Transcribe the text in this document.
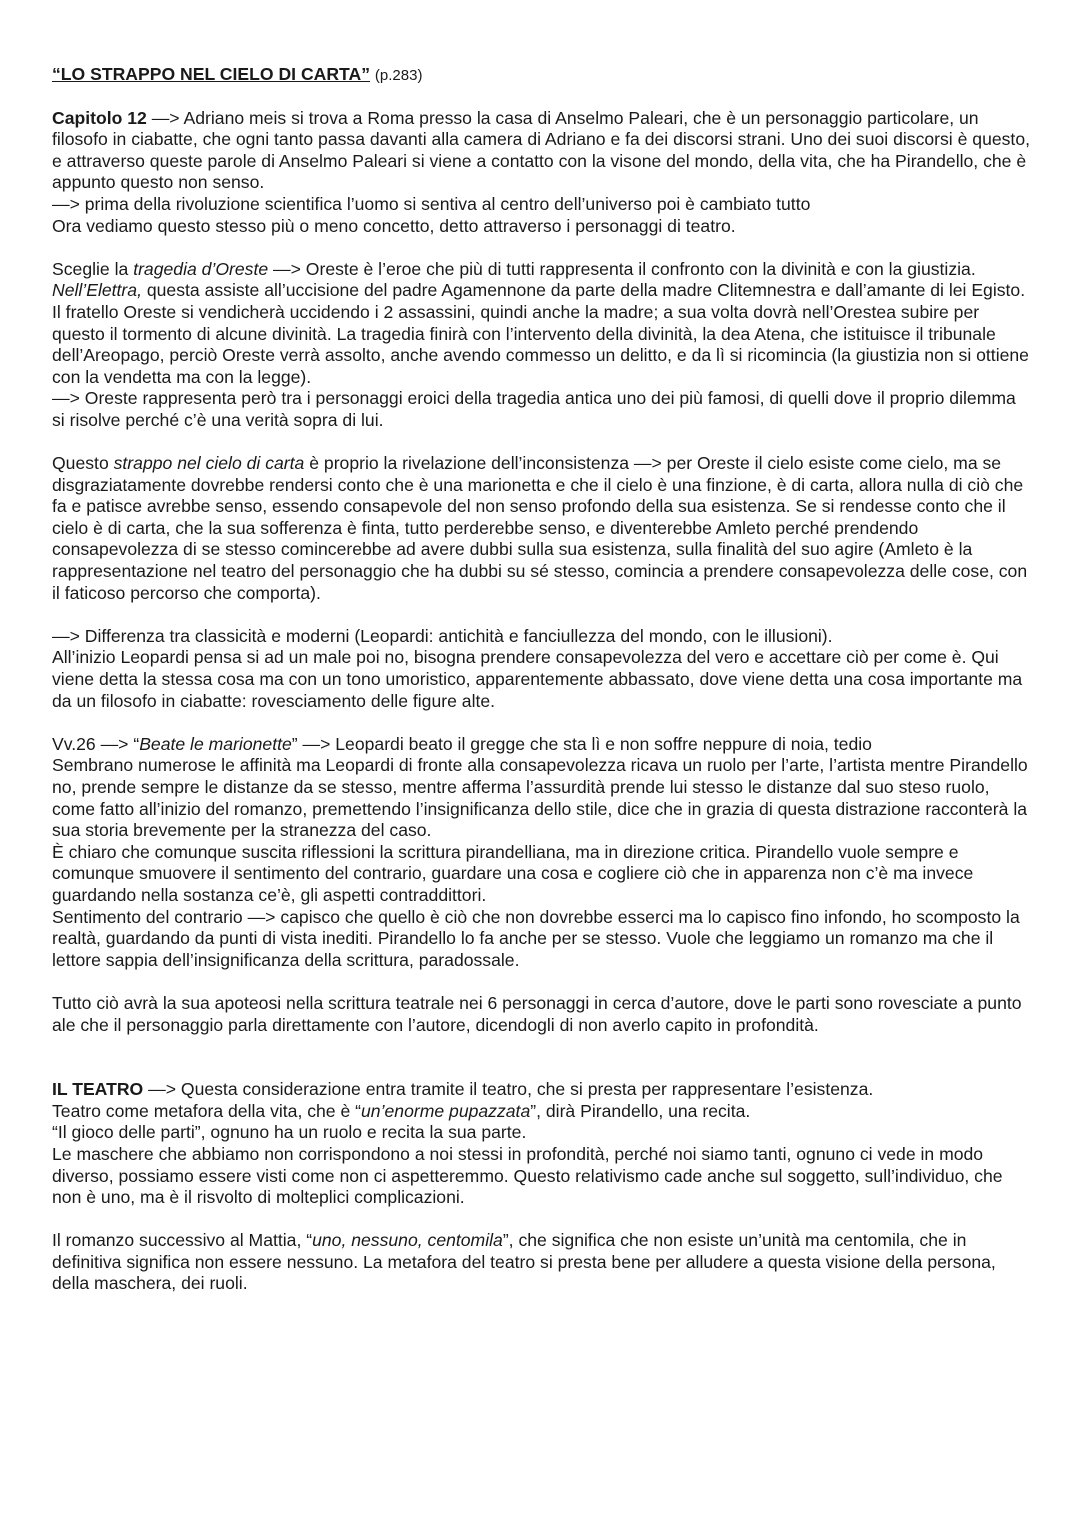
“LO STRAPPO NEL CIELO DI CARTA” (p.283)

Capitolo 12 —> Adriano meis si trova a Roma presso la casa di Anselmo Paleari, che è un personaggio particolare, un filosofo in ciabatte, che ogni tanto passa davanti alla camera di Adriano e fa dei discorsi strani. Uno dei suoi discorsi è questo, e attraverso queste parole di Anselmo Paleari si viene a contatto con la visone del mondo, della vita, che ha Pirandello, che è appunto questo non senso.
—> prima della rivoluzione scientifica l’uomo si sentiva al centro dell’universo poi è cambiato tutto
Ora vediamo questo stesso più o meno concetto, detto attraverso i personaggi di teatro.

Sceglie la tragedia d’Oreste —> Oreste è l’eroe che più di tutti rappresenta il confronto con la divinità e con la giustizia. Nell’Elettra, questa assiste all’uccisione del padre Agamennone da parte della madre Clitemnestra e dall’amante di lei Egisto. Il fratello Oreste si vendicherà uccidendo i 2 assassini, quindi anche la madre; a sua volta dovrà nell’Orestea subire per questo il tormento di alcune divinità. La tragedia finirà con l’intervento della divinità, la dea Atena, che istituisce il tribunale dell’Areopago, perciò Oreste verrà assolto, anche avendo commesso un delitto, e da lì si ricomincia (la giustizia non si ottiene con la vendetta ma con la legge).
—> Oreste rappresenta però tra i personaggi eroici della tragedia antica uno dei più famosi, di quelli dove il proprio dilemma si risolve perché c’è una verità sopra di lui.

Questo strappo nel cielo di carta è proprio la rivelazione dell’inconsistenza —> per Oreste il cielo esiste come cielo, ma se disgraziatamente dovrebbe rendersi conto che è una marionetta e che il cielo è una finzione, è di carta, allora nulla di ciò che fa e patisce avrebbe senso, essendo consapevole del non senso profondo della sua esistenza. Se si rendesse conto che il cielo è di carta, che la sua sofferenza è finta, tutto perderebbe senso, e diventerebbe Amleto perché prendendo consapevolezza di se stesso comincerebbe ad avere dubbi sulla sua esistenza, sulla finalità del suo agire (Amleto è la rappresentazione nel teatro del personaggio che ha dubbi su sé stesso, comincia a prendere consapevolezza delle cose, con il faticoso percorso che comporta).

—> Differenza tra classicità e moderni (Leopardi: antichità e fanciullezza del mondo, con le illusioni).
All’inizio Leopardi pensa si ad un male poi no, bisogna prendere consapevolezza del vero e accettare ciò per come è. Qui viene detta la stessa cosa ma con un tono umoristico, apparentemente abbassato, dove viene detta una cosa importante ma da un filosofo in ciabatte: rovesciamento delle figure alte.

Vv.26 —> “Beate le marionette” —> Leopardi beato il gregge che sta lì e non soffre neppure di noia, tedio
Sembrano numerose le affinità ma Leopardi di fronte alla consapevolezza ricava un ruolo per l’arte, l’artista mentre Pirandello no, prende sempre le distanze da se stesso, mentre afferma l’assurdità prende lui stesso le distanze dal suo steso ruolo, come fatto all’inizio del romanzo, premettendo l’insignificanza dello stile, dice che in grazia di questa distrazione racconterà la sua storia brevemente per la stranezza del caso.
È chiaro che comunque suscita riflessioni la scrittura pirandelliana, ma in direzione critica. Pirandello vuole sempre e comunque smuovere il sentimento del contrario, guardare una cosa e cogliere ciò che in apparenza non c’è ma invece guardando nella sostanza ce’è, gli aspetti contraddittori.
Sentimento del contrario —> capisco che quello è ciò che non dovrebbe esserci ma lo capisco fino infondo, ho scomposto la realtà, guardando da punti di vista inediti. Pirandello lo fa anche per se stesso. Vuole che leggiamo un romanzo ma che il lettore sappia dell’insignificanza della scrittura, paradossale.

Tutto ciò avrà la sua apoteosi nella scrittura teatrale nei 6 personaggi in cerca d’autore, dove le parti sono rovesciate a punto ale che il personaggio parla direttamente con l’autore, dicendogli di non averlo capito in profondità.

IL TEATRO —> Questa considerazione entra tramite il teatro, che si presta per rappresentare l’esistenza.
Teatro come metafora della vita, che è “un’enorme pupazzata”, dirà Pirandello, una recita.
“Il gioco delle parti”, ognuno ha un ruolo e recita la sua parte.
Le maschere che abbiamo non corrispondono a noi stessi in profondità, perché noi siamo tanti, ognuno ci vede in modo diverso, possiamo essere visti come non ci aspetteremmo. Questo relativismo cade anche sul soggetto, sull’individuo, che non è uno, ma è il risvolto di molteplici complicazioni.

Il romanzo successivo al Mattia, “uno, nessuno, centomila”, che significa che non esiste un’unità ma centomila, che in definitiva significa non essere nessuno. La metafora del teatro si presta bene per alludere a questa visione della persona, della maschera, dei ruoli.
